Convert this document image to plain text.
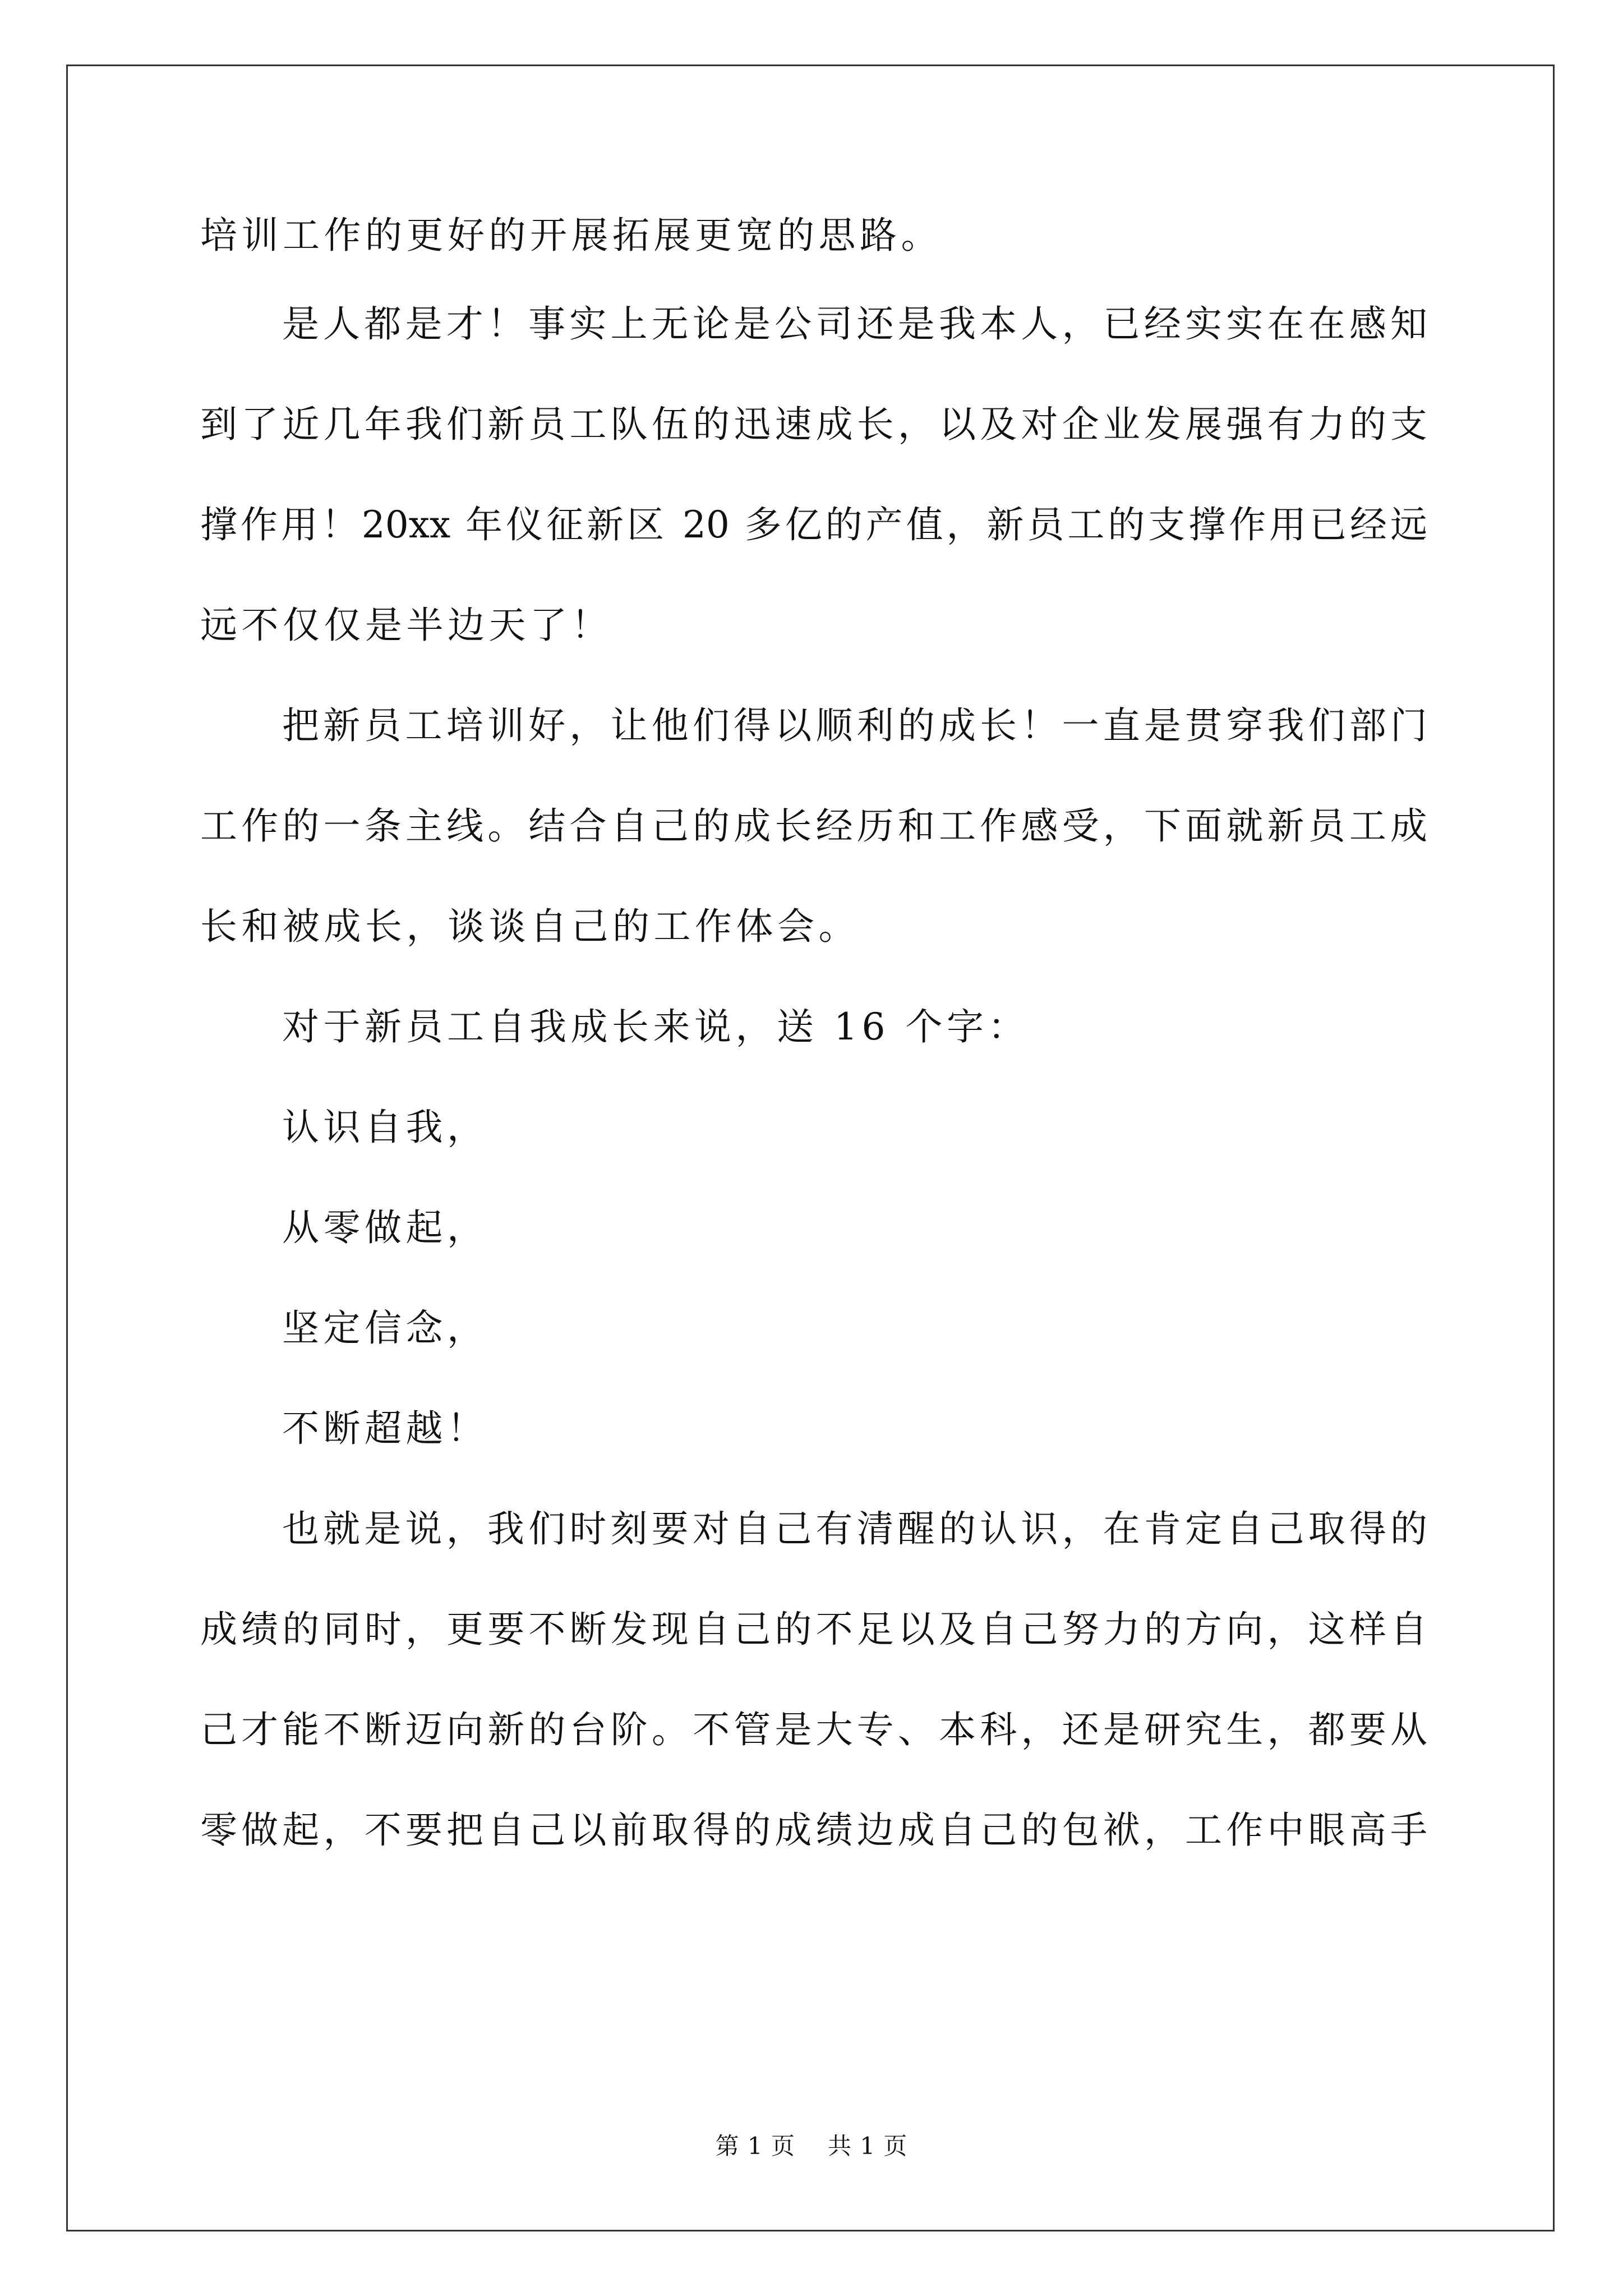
培训工作的更好的开展拓展更宽的思路。
是人都是才！事实上无论是公司还是我本人，已经实实在在感知
到了近几年我们新员工队伍的迅速成长，以及对企业发展强有力的支
撑作用！20xx 年仪征新区 20 多亿的产值，新员工的支撑作用已经远
远不仅仅是半边天了！
把新员工培训好，让他们得以顺利的成长！一直是贯穿我们部门
工作的一条主线。结合自己的成长经历和工作感受，下面就新员工成
长和被成长，谈谈自己的工作体会。
对于新员工自我成长来说，送 16 个字：
认识自我，
从零做起，
坚定信念，
不断超越！
也就是说，我们时刻要对自己有清醒的认识，在肯定自己取得的
成绩的同时，更要不断发现自己的不足以及自己努力的方向，这样自
己才能不断迈向新的台阶。不管是大专、本科，还是研究生，都要从
零做起，不要把自己以前取得的成绩边成自己的包袱，工作中眼高手
第 1 页 共 1 页
